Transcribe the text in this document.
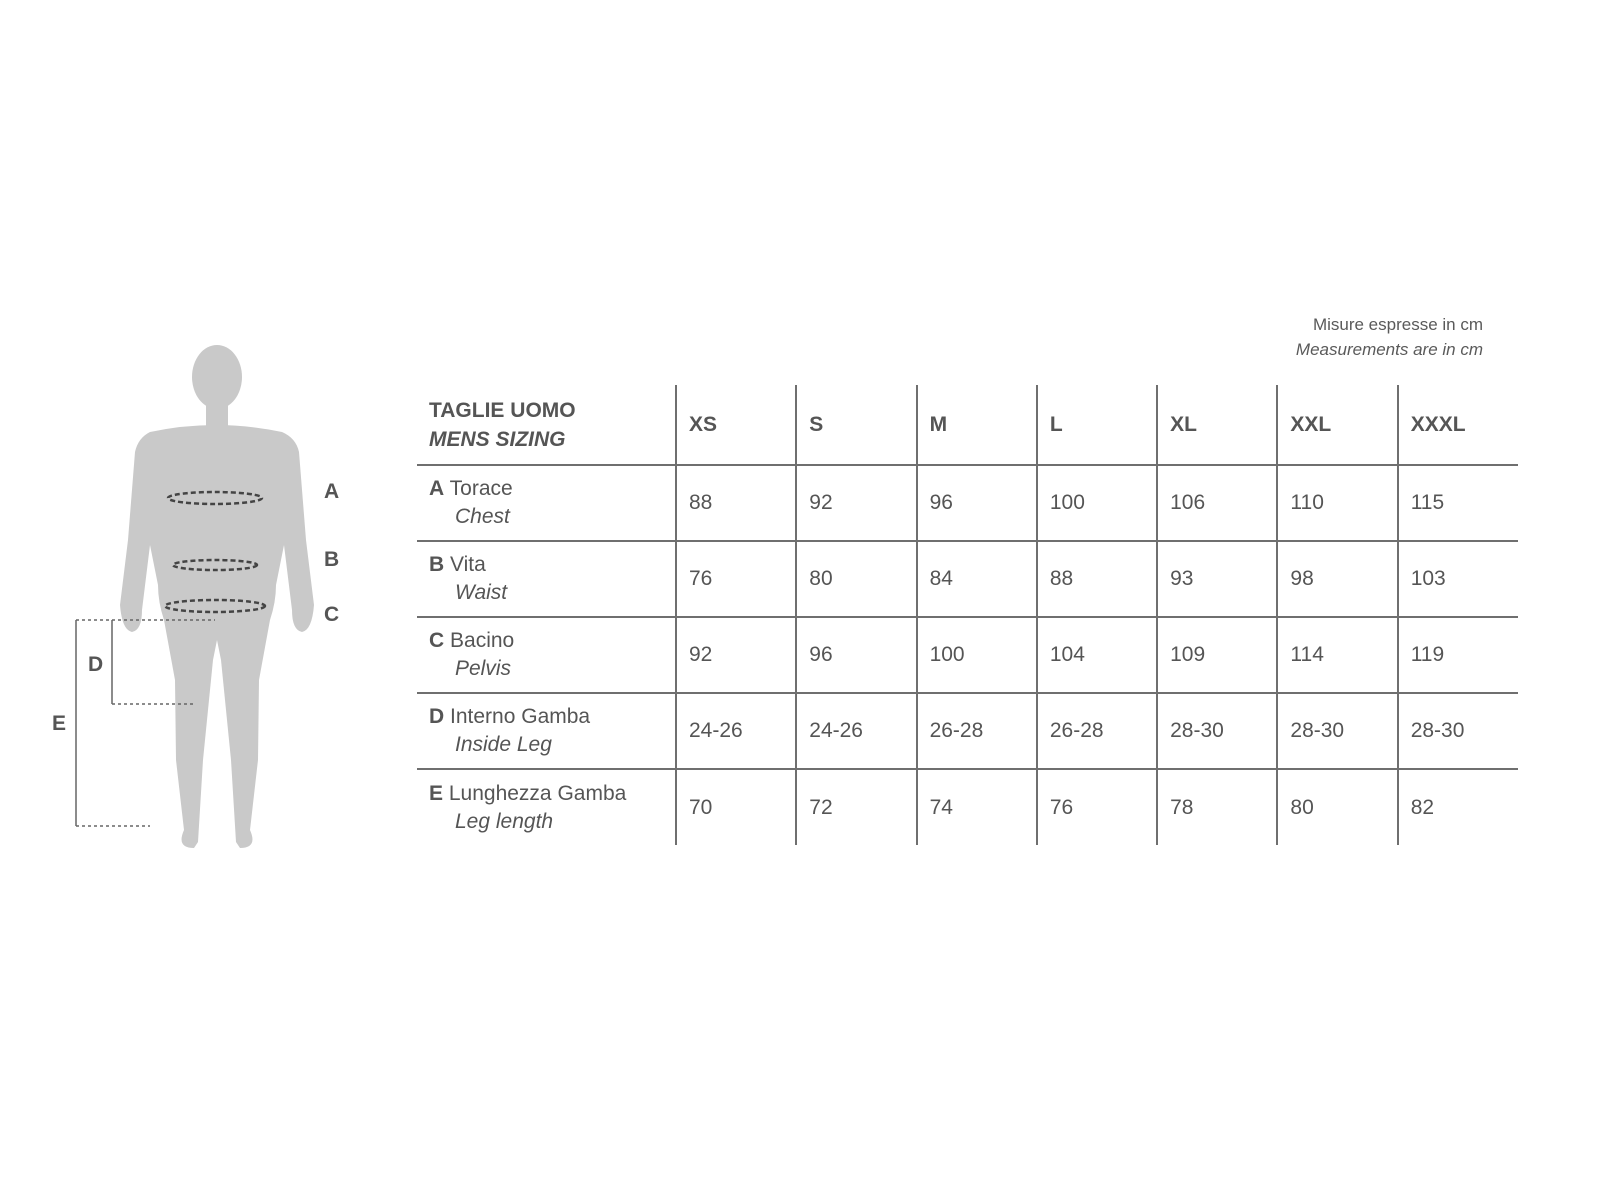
A
B
C
D
E
Misure espresse in cm
Measurements are in cm
TAGLIE UOMO
MENS SIZING	XS	S	M	L	XL	XXL	XXXL
A Torace
Chest	88	92	96	100	106	110	115
B Vita
Waist	76	80	84	88	93	98	103
C Bacino
Pelvis	92	96	100	104	109	114	119
D Interno Gamba
Inside Leg	24-26	24-26	26-28	26-28	28-30	28-30	28-30
E Lunghezza Gamba
Leg length	70	72	74	76	78	80	82
